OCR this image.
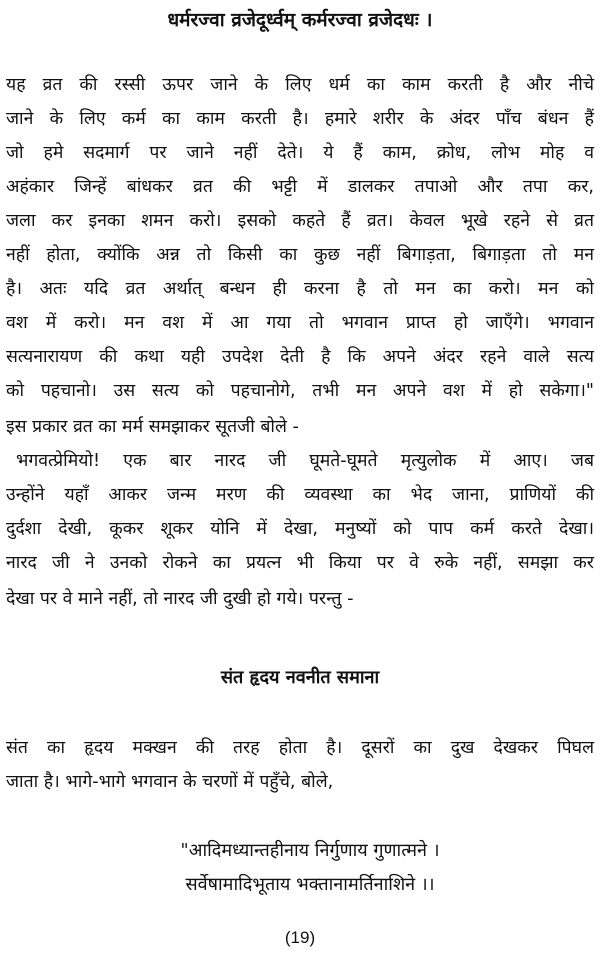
धर्मरज्वा व्रजेदूर्ध्वम् कर्मरज्वा व्रजेदधः ।
यह व्रत की रस्सी ऊपर जाने के लिए धर्म का काम करती है और नीचे
जाने के लिए कर्म का काम करती है। हमारे शरीर के अंदर पाँच बंधन हैं
जो हमे सदमार्ग पर जाने नहीं देते। ये हैं काम, क्रोध, लोभ मोह व
अहंकार जिन्हें बांधकर व्रत की भट्टी में डालकर तपाओ और तपा कर,
जला कर इनका शमन करो। इसको कहते हैं व्रत। केवल भूखे रहने से व्रत
नहीं होता, क्योंकि अन्न तो किसी का कुछ नहीं बिगाड़ता, बिगाड़ता तो मन
है। अतः यदि व्रत अर्थात् बन्धन ही करना है तो मन का करो। मन को
वश में करो। मन वश में आ गया तो भगवान प्राप्त हो जाएँगे। भगवान
सत्यनारायण की कथा यही उपदेश देती है कि अपने अंदर रहने वाले सत्य
को पहचानो। उस सत्य को पहचानोगे, तभी मन अपने वश में हो सकेगा।"
इस प्रकार व्रत का मर्म समझाकर सूतजी बोले -
भगवत्प्रेमियो! एक बार नारद जी घूमते-घूमते मृत्युलोक में आए। जब
उन्होंने यहाँ आकर जन्म मरण की व्यवस्था का भेद जाना, प्राणियों की
दुर्दशा देखी, कूकर शूकर योनि में देखा, मनुष्यों को पाप कर्म करते देखा।
नारद जी ने उनको रोकने का प्रयत्न भी किया पर वे रुके नहीं, समझा कर
देखा पर वे माने नहीं, तो नारद जी दुखी हो गये। परन्तु -
संत हृदय नवनीत समाना
संत का हृदय मक्खन की तरह होता है। दूसरों का दुख देखकर पिघल
जाता है। भागे-भागे भगवान के चरणों में पहुँचे, बोले,
"आदिमध्यान्तहीनाय निर्गुणाय गुणात्मने ।
सर्वेषामादिभूताय भक्तानामर्तिनाशिने ।।
(19)
